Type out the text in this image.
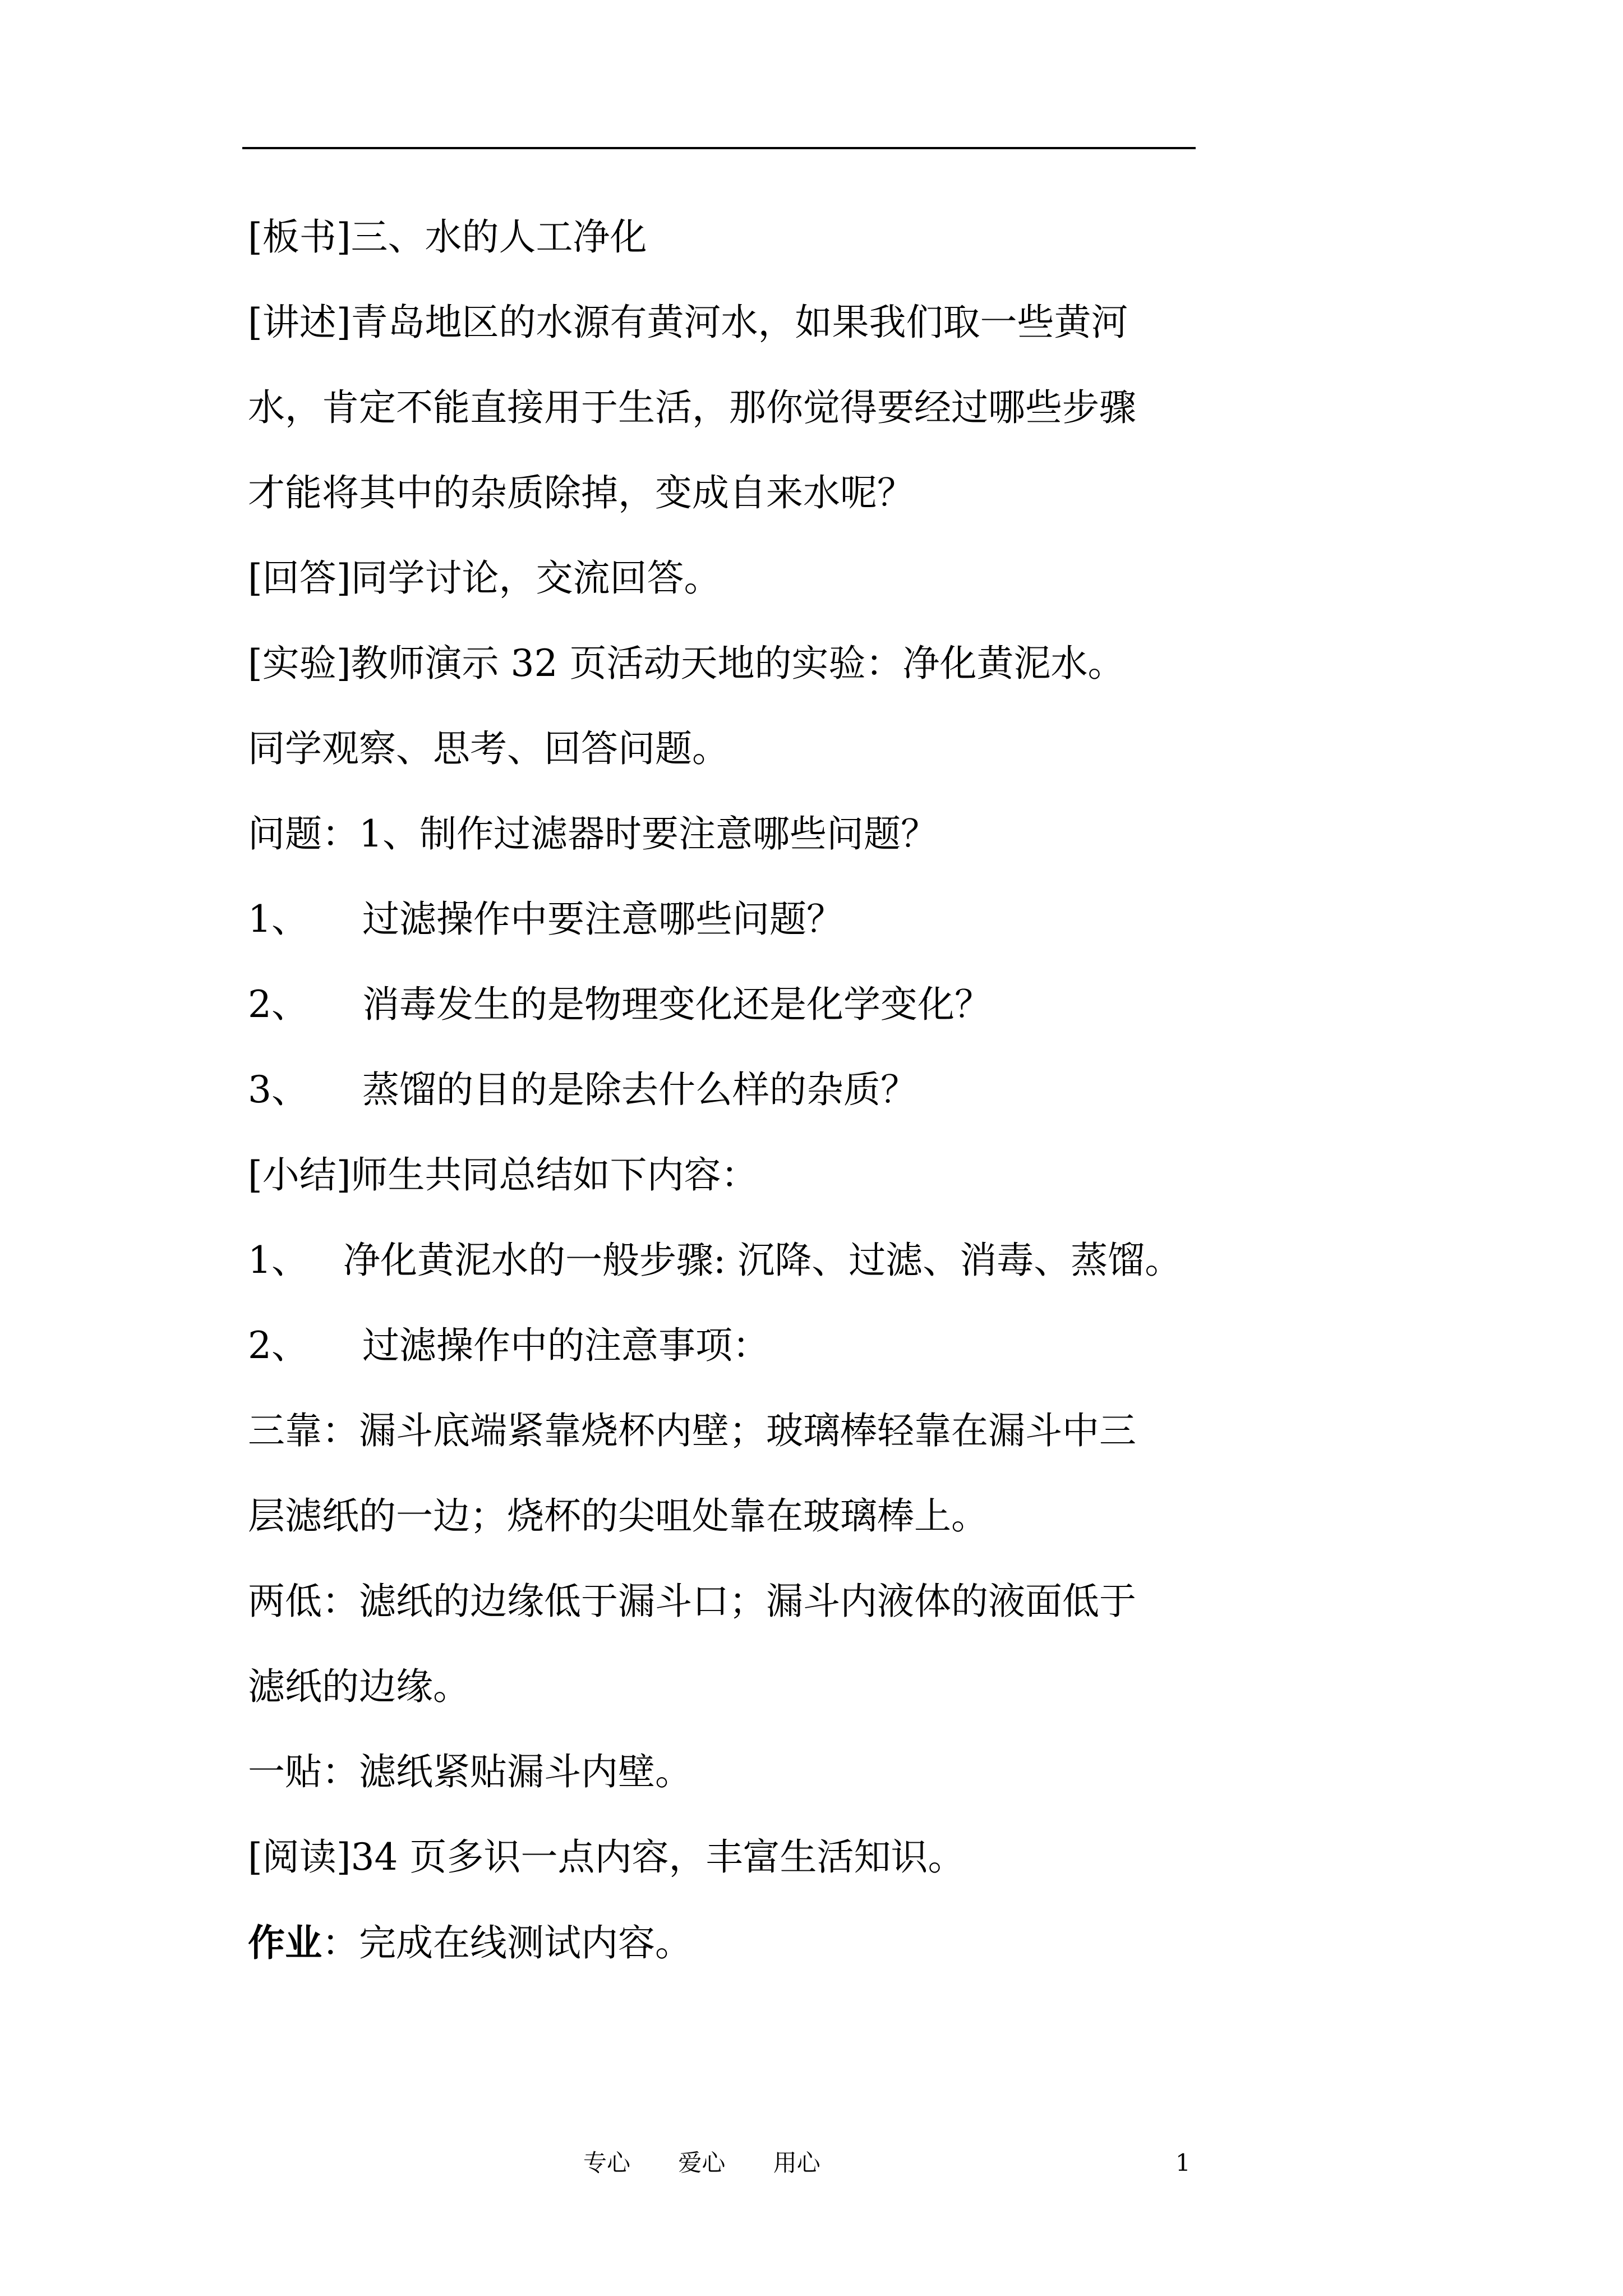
[板书]三、水的人工净化
[讲述]青岛地区的水源有黄河水，如果我们取一些黄河
水，肯定不能直接用于生活，那你觉得要经过哪些步骤
才能将其中的杂质除掉，变成自来水呢？
[回答]同学讨论，交流回答。
[实验]教师演示 32 页活动天地的实验：净化黄泥水。
同学观察、思考、回答问题。
问题：1、制作过滤器时要注意哪些问题？
1、 过滤操作中要注意哪些问题？
2、 消毒发生的是物理变化还是化学变化？
3、 蒸馏的目的是除去什么样的杂质？
[小结]师生共同总结如下内容：
1、 净化黄泥水的一般步骤: 沉降、过滤、消毒、蒸馏。
2、 过滤操作中的注意事项：
三靠：漏斗底端紧靠烧杯内壁；玻璃棒轻靠在漏斗中三
层滤纸的一边；烧杯的尖咀处靠在玻璃棒上。
两低：滤纸的边缘低于漏斗口；漏斗内液体的液面低于
滤纸的边缘。
一贴：滤纸紧贴漏斗内壁。
[阅读]34 页多识一点内容，丰富生活知识。
作业：完成在线测试内容。
专心 爱心 用心	1
